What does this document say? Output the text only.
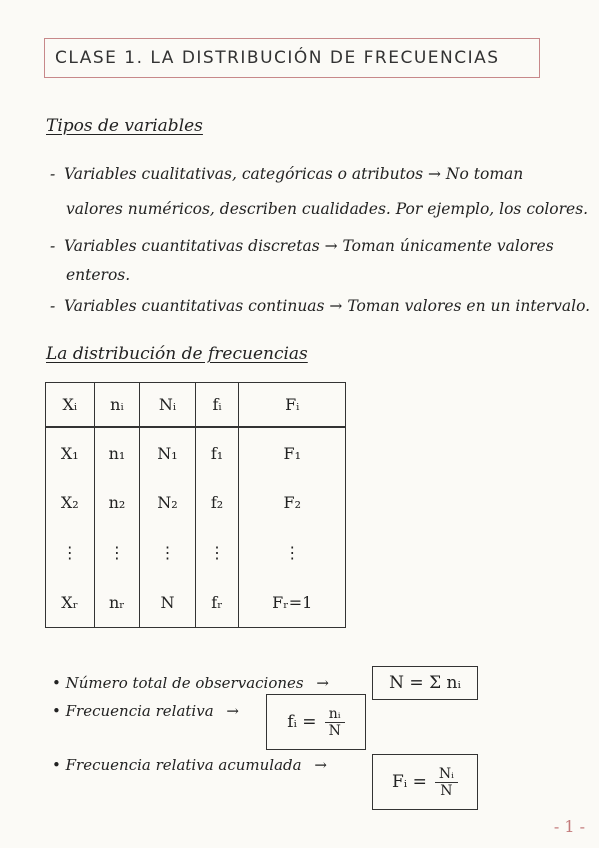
CLASE 1. LA DISTRIBUCIÓN DE FRECUENCIAS
Tipos de variables
- Variables cualitativas, categóricas o atributos → No toman
valores numéricos, describen cualidades. Por ejemplo, los colores.
- Variables cuantitativas discretas → Toman únicamente valores
enteros.
- Variables cuantitativas continuas → Toman valores en un intervalo.
La distribución de frecuencias
Xᵢ	nᵢ	Nᵢ	fᵢ	Fᵢ
X₁	n₁	N₁	f₁	F₁
X₂	n₂	N₂	f₂	F₂
⋮	⋮	⋮	⋮	⋮
Xᵣ	nᵣ	N	fᵣ	Fᵣ=1
• Número total de observaciones →	N = Σ nᵢ
• Frecuencia relativa →
fᵢ = $\frac{\text{nᵢ}}{N}$
• Frecuencia relativa acumulada →
Fᵢ = $\frac{\text{Nᵢ}}{N}$
- 1 -
